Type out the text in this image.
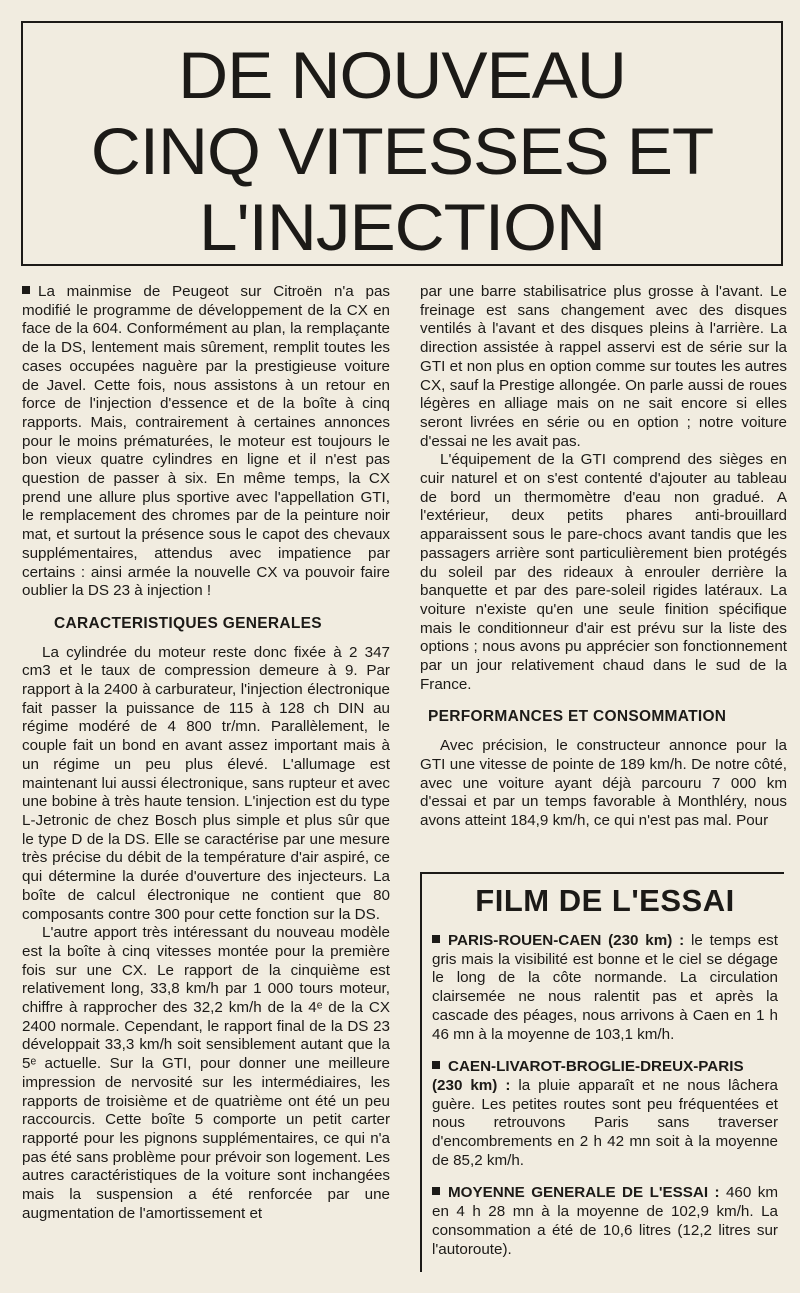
DE NOUVEAU
CINQ VITESSES ET
L'INJECTION

La mainmise de Peugeot sur Citroën n'a pas modifié le programme de développement de la CX en face de la 604. Conformément au plan, la remplaçante de la DS, lentement mais sûrement, remplit toutes les cases occupées naguère par la prestigieuse voiture de Javel. Cette fois, nous assistons à un retour en force de l'injection d'essence et de la boîte à cinq rapports. Mais, contrairement à certaines annonces pour le moins prématurées, le moteur est toujours le bon vieux quatre cylindres en ligne et il n'est pas question de passer à six. En même temps, la CX prend une allure plus sportive avec l'appellation GTI, le remplacement des chromes par de la peinture noir mat, et surtout la présence sous le capot des chevaux supplémentaires, attendus avec impatience par certains : ainsi armée la nouvelle CX va pouvoir faire oublier la DS 23 à injection !

CARACTERISTIQUES GENERALES

La cylindrée du moteur reste donc fixée à 2 347 cm3 et le taux de compression demeure à 9. Par rapport à la 2400 à carburateur, l'injection électronique fait passer la puissance de 115 à 128 ch DIN au régime modéré de 4 800 tr/mn. Parallèlement, le couple fait un bond en avant assez important mais à un régime un peu plus élevé. L'allumage est maintenant lui aussi électronique, sans rupteur et avec une bobine à très haute tension. L'injection est du type L-Jetronic de chez Bosch plus simple et plus sûr que le type D de la DS. Elle se caractérise par une mesure très précise du débit de la température d'air aspiré, ce qui détermine la durée d'ouverture des injecteurs. La boîte de calcul électronique ne contient que 80 composants contre 300 pour cette fonction sur la DS.

L'autre apport très intéressant du nouveau modèle est la boîte à cinq vitesses montée pour la première fois sur une CX. Le rapport de la cinquième est relativement long, 33,8 km/h par 1 000 tours moteur, chiffre à rapprocher des 32,2 km/h de la 4ᵉ de la CX 2400 normale. Cependant, le rapport final de la DS 23 développait 33,3 km/h soit sensiblement autant que la 5ᵉ actuelle. Sur la GTI, pour donner une meilleure impression de nervosité sur les intermédiaires, les rapports de troisième et de quatrième ont été un peu raccourcis. Cette boîte 5 comporte un petit carter rapporté pour les pignons supplémentaires, ce qui n'a pas été sans problème pour prévoir son logement. Les autres caractéristiques de la voiture sont inchangées mais la suspension a été renforcée par une augmentation de l'amortissement et

par une barre stabilisatrice plus grosse à l'avant. Le freinage est sans changement avec des disques ventilés à l'avant et des disques pleins à l'arrière. La direction assistée à rappel asservi est de série sur la GTI et non plus en option comme sur toutes les autres CX, sauf la Prestige allongée. On parle aussi de roues légères en alliage mais on ne sait encore si elles seront livrées en série ou en option ; notre voiture d'essai ne les avait pas.

L'équipement de la GTI comprend des sièges en cuir naturel et on s'est contenté d'ajouter au tableau de bord un thermomètre d'eau non gradué. A l'extérieur, deux petits phares anti-brouillard apparaissent sous le pare-chocs avant tandis que les passagers arrière sont particulièrement bien protégés du soleil par des rideaux à enrouler derrière la banquette et par des pare-soleil rigides latéraux. La voiture n'existe qu'en une seule finition spécifique mais le conditionneur d'air est prévu sur la liste des options ; nous avons pu apprécier son fonctionnement par un jour relativement chaud dans le sud de la France.

PERFORMANCES ET CONSOMMATION

Avec précision, le constructeur annonce pour la GTI une vitesse de pointe de 189 km/h. De notre côté, avec une voiture ayant déjà parcouru 7 000 km d'essai et par un temps favorable à Monthléry, nous avons atteint 184,9 km/h, ce qui n'est pas mal. Pour

FILM DE L'ESSAI
PARIS-ROUEN-CAEN (230 km) : le temps est gris mais la visibilité est bonne et le ciel se dégage le long de la côte normande. La circulation clairsemée ne nous ralentit pas et après la cascade des péages, nous arrivons à Caen en 1 h 46 mn à la moyenne de 103,1 km/h.
CAEN-LIVAROT-BROGLIE-DREUX-PARIS (230 km) : la pluie apparaît et ne nous lâchera guère. Les petites routes sont peu fréquentées et nous retrouvons Paris sans traverser d'encombrements en 2 h 42 mn soit à la moyenne de 85,2 km/h.
MOYENNE GENERALE DE L'ESSAI : 460 km en 4 h 28 mn à la moyenne de 102,9 km/h. La consommation a été de 10,6 litres (12,2 litres sur l'autoroute).
